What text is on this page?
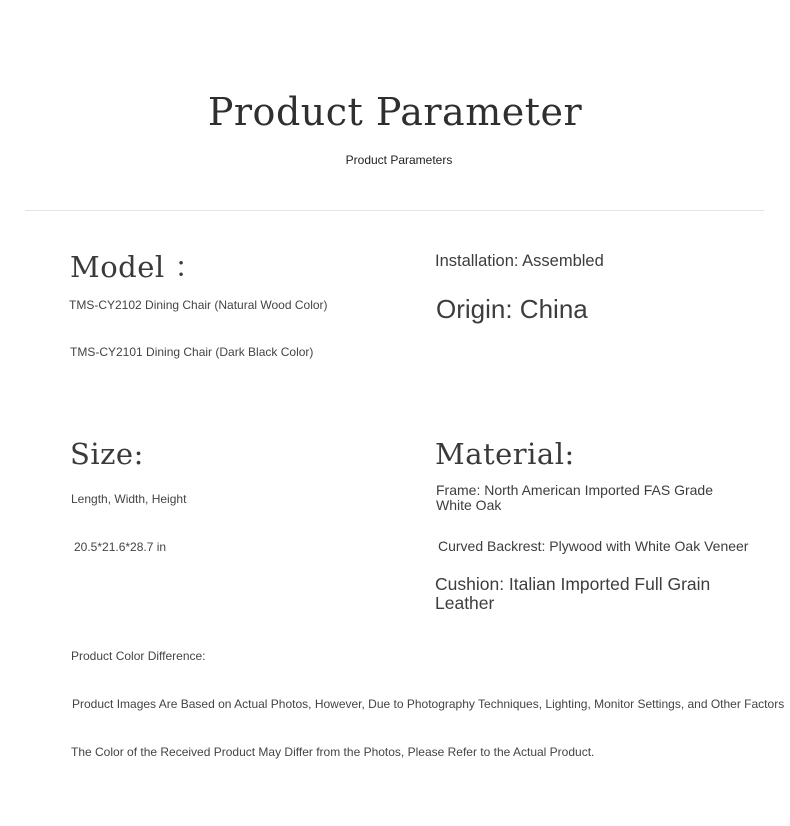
Product Parameter
Product Parameters
Model ：
TMS-CY2102 Dining Chair (Natural Wood Color)
TMS-CY2101 Dining Chair (Dark Black Color)
Installation: Assembled
Origin: China
Size:
Length, Width, Height
20.5*21.6*28.7 in
Material:
Frame: North American Imported FAS Grade White Oak
Curved Backrest: Plywood with White Oak Veneer
Cushion: Italian Imported Full Grain Leather
Product Color Difference:
Product Images Are Based on Actual Photos, However, Due to Photography Techniques, Lighting, Monitor Settings, and Other Factors
The Color of the Received Product May Differ from the Photos, Please Refer to the Actual Product.
